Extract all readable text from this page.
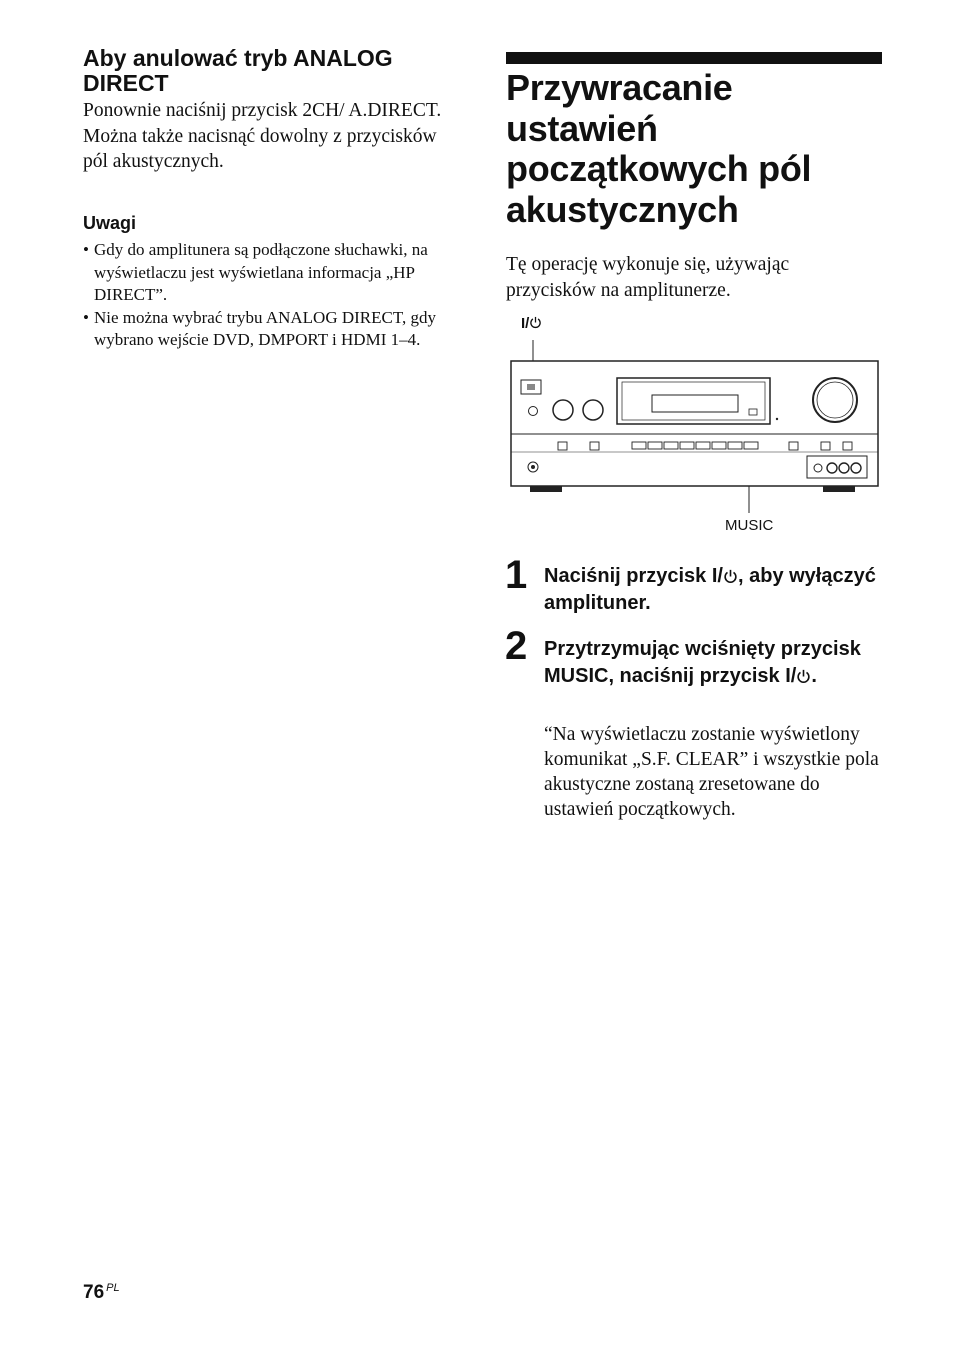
Aby anulować tryb ANALOG DIRECT

Ponownie naciśnij przycisk 2CH/ A.DIRECT.

Można także nacisnąć dowolny z przycisków pól akustycznych.

Uwagi
• Gdy do amplitunera są podłączone słuchawki, na wyświetlaczu jest wyświetlana informacja „HP DIRECT”.
• Nie można wybrać trybu ANALOG DIRECT, gdy wybrano wejście DVD, DMPORT i HDMI 1–4.
Przywracanie ustawień początkowych pól akustycznych
Tę operację wykonuje się, używając przycisków na amplitunerze.
I/
MUSIC
1 Naciśnij przycisk I/ , aby wyłączyć amplituner.
2 Przytrzymując wciśnięty przycisk MUSIC, naciśnij przycisk I/ .
“Na wyświetlaczu zostanie wyświetlony komunikat „S.F. CLEAR” i wszystkie pola akustyczne zostaną zresetowane do ustawień początkowych.
76 $^{PL}$
